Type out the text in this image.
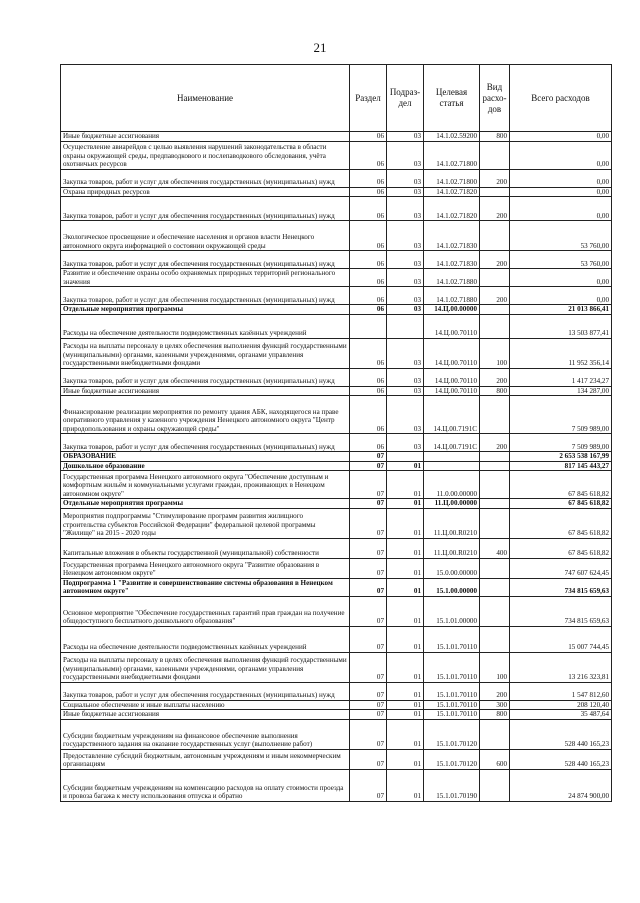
21
Наименование	Раздел	Подраз-дел	Целевая статья	Вид расхо-дов	Всего расходов
Иные бюджетные ассигнования	06	03	14.1.02.59200	800	0,00
Осуществление авиарейдов с целью выявления нарушений законодательства в области охраны окружающей среды, предпаводкового и послепаводкового обследования, учёта охотничьих ресурсов	06	03	14.1.02.71800		0,00
Закупка товаров, работ и услуг для обеспечения государственных (муниципальных) нужд	06	03	14.1.02.71800	200	0,00
Охрана природных ресурсов	06	03	14.1.02.71820		0,00
Закупка товаров, работ и услуг для обеспечения государственных (муниципальных) нужд	06	03	14.1.02.71820	200	0,00
Экологическое просвещение и обеспечение населения и органов власти Ненецкого автономного округа информацией о состоянии окружающей среды	06	03	14.1.02.71830		53 760,00
Закупка товаров, работ и услуг для обеспечения государственных (муниципальных) нужд	06	03	14.1.02.71830	200	53 760,00
Развитие и обеспечение охраны особо охраняемых природных территорий регионального значения	06	03	14.1.02.71880		0,00
Закупка товаров, работ и услуг для обеспечения государственных (муниципальных) нужд	06	03	14.1.02.71880	200	0,00
Отдельные мероприятия программы	06	03	14.Ц.00.00000		21 013 866,41
Расходы на обеспечение деятельности подведомственных казённых учреждений			14.Ц.00.70110		13 503 877,41
Расходы на выплаты персоналу в целях обеспечения выполнения функций государственными (муниципальными) органами, казенными учреждениями, органами управления государственными внебюджетными фондами	06	03	14.Ц.00.70110	100	11 952 356,14
Закупка товаров, работ и услуг для обеспечения государственных (муниципальных) нужд	06	03	14.Ц.00.70110	200	1 417 234,27
Иные бюджетные ассигнования	06	03	14.Ц.00.70110	800	134 287,00
Финансирование реализации мероприятия по ремонту здания АБК, находящегося на праве оперативного управления у казенного учреждения Ненецкого автономного округа "Центр природопользования и охраны окружающей среды"	06	03	14.Ц.00.7191С		7 509 989,00
Закупка товаров, работ и услуг для обеспечения государственных (муниципальных) нужд	06	03	14.Ц.00.7191С	200	7 509 989,00
ОБРАЗОВАНИЕ	07				2 653 538 167,99
Дошкольное образование	07	01			817 145 443,27
Государственная программа Ненецкого автономного округа "Обеспечение доступным и комфортным жильём и коммунальными услугами граждан, проживающих в Ненецком автономном округе"	07	01	11.0.00.00000		67 845 618,82
Отдельные мероприятия программы	07	01	11.Ц.00.00000		67 845 618,82
Мероприятия подпрограммы "Стимулирование программ развития жилищного строительства субъектов Российской Федерации" федеральной целевой программы "Жилище" на 2015 - 2020 годы	07	01	11.Ц.00.R0210		67 845 618,82
Капитальные вложения в объекты государственной (муниципальной) собственности	07	01	11.Ц.00.R0210	400	67 845 618,82
Государственная программа Ненецкого автономного округа "Развитие образования в Ненецком автономном округе"	07	01	15.0.00.00000		747 607 624,45
Подпрограмма 1 "Развитие и совершенствование системы образования в Ненецком автономном округе"	07	01	15.1.00.00000		734 815 659,63
Основное мероприятие "Обеспечение государственных гарантий прав граждан на получение общедоступного бесплатного дошкольного образования"	07	01	15.1.01.00000		734 815 659,63
Расходы на обеспечение деятельности подведомственных казённых учреждений	07	01	15.1.01.70110		15 007 744,45
Расходы на выплаты персоналу в целях обеспечения выполнения функций государственными (муниципальными) органами, казенными учреждениями, органами управления государственными внебюджетными фондами	07	01	15.1.01.70110	100	13 216 323,81
Закупка товаров, работ и услуг для обеспечения государственных (муниципальных) нужд	07	01	15.1.01.70110	200	1 547 812,60
Социальное обеспечение и иные выплаты населению	07	01	15.1.01.70110	300	208 120,40
Иные бюджетные ассигнования	07	01	15.1.01.70110	800	35 487,64
Субсидии бюджетным учреждениям на финансовое обеспечение выполнения государственного задания на оказание государственных услуг (выполнение работ)	07	01	15.1.01.70120		528 440 165,23
Предоставление субсидий бюджетным, автономным учреждениям и иным некоммерческим организациям	07	01	15.1.01.70120	600	528 440 165,23
Субсидии бюджетным учреждениям на компенсацию расходов на оплату стоимости проезда и провоза багажа к месту использования отпуска и обратно	07	01	15.1.01.70190		24 874 900,00
